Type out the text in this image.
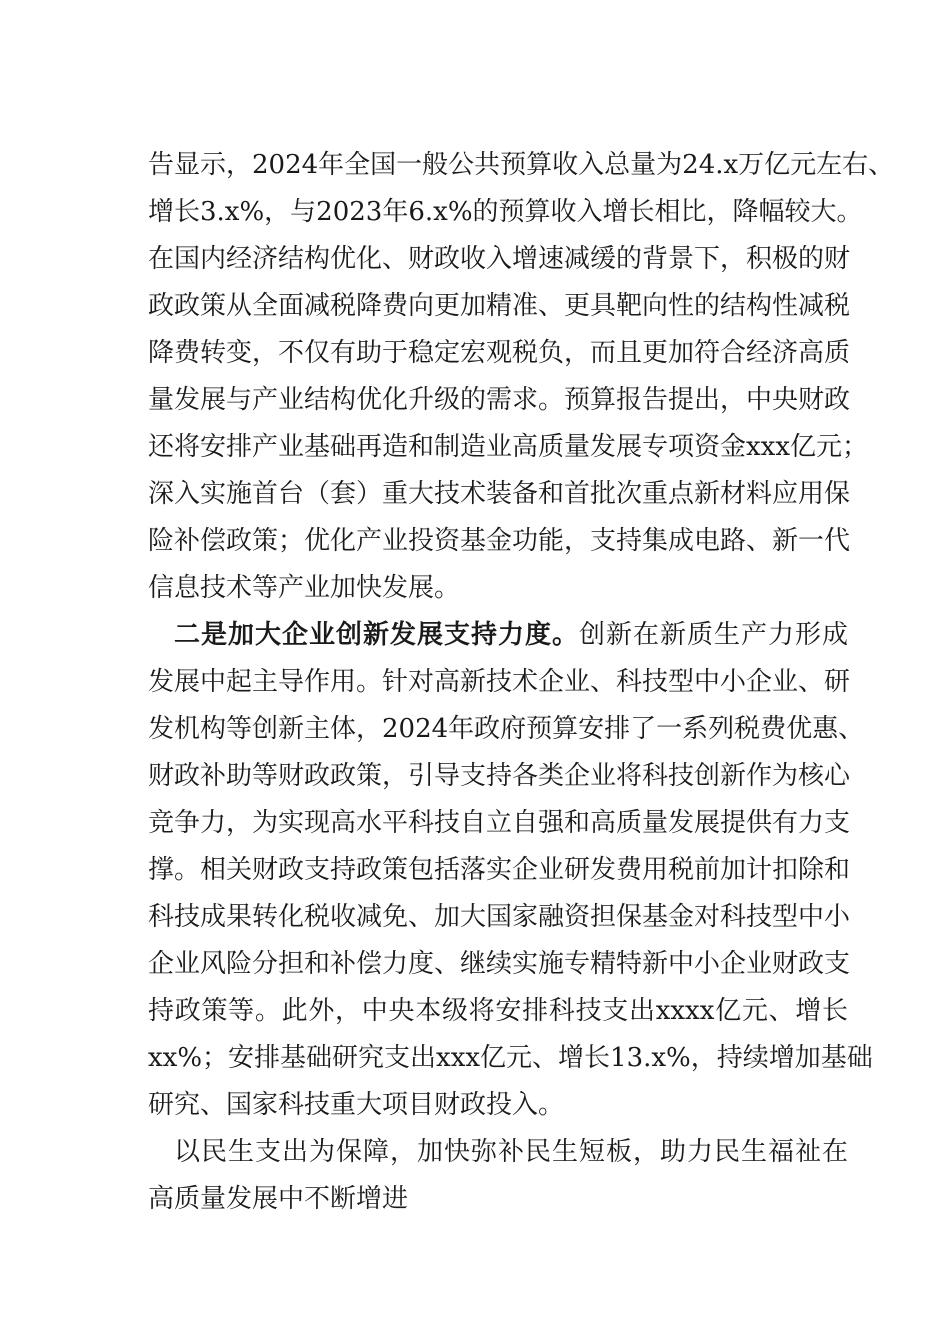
告显示，2024年全国一般公共预算收入总量为24.x万亿元左右、
增长3.x%，与2023年6.x%的预算收入增长相比，降幅较大。
在国内经济结构优化、财政收入增速减缓的背景下，积极的财
政政策从全面减税降费向更加精准、更具靶向性的结构性减税
降费转变，不仅有助于稳定宏观税负，而且更加符合经济高质
量发展与产业结构优化升级的需求。预算报告提出，中央财政
还将安排产业基础再造和制造业高质量发展专项资金xxx亿元；
深入实施首台（套）重大技术装备和首批次重点新材料应用保
险补偿政策；优化产业投资基金功能，支持集成电路、新一代
信息技术等产业加快发展。
二是加大企业创新发展支持力度。创新在新质生产力形成
发展中起主导作用。针对高新技术企业、科技型中小企业、研
发机构等创新主体，2024年政府预算安排了一系列税费优惠、
财政补助等财政政策，引导支持各类企业将科技创新作为核心
竞争力，为实现高水平科技自立自强和高质量发展提供有力支
撑。相关财政支持政策包括落实企业研发费用税前加计扣除和
科技成果转化税收减免、加大国家融资担保基金对科技型中小
企业风险分担和补偿力度、继续实施专精特新中小企业财政支
持政策等。此外，中央本级将安排科技支出xxxx亿元、增长
xx%；安排基础研究支出xxx亿元、增长13.x%，持续增加基础
研究、国家科技重大项目财政投入。
以民生支出为保障，加快弥补民生短板，助力民生福祉在
高质量发展中不断增进
